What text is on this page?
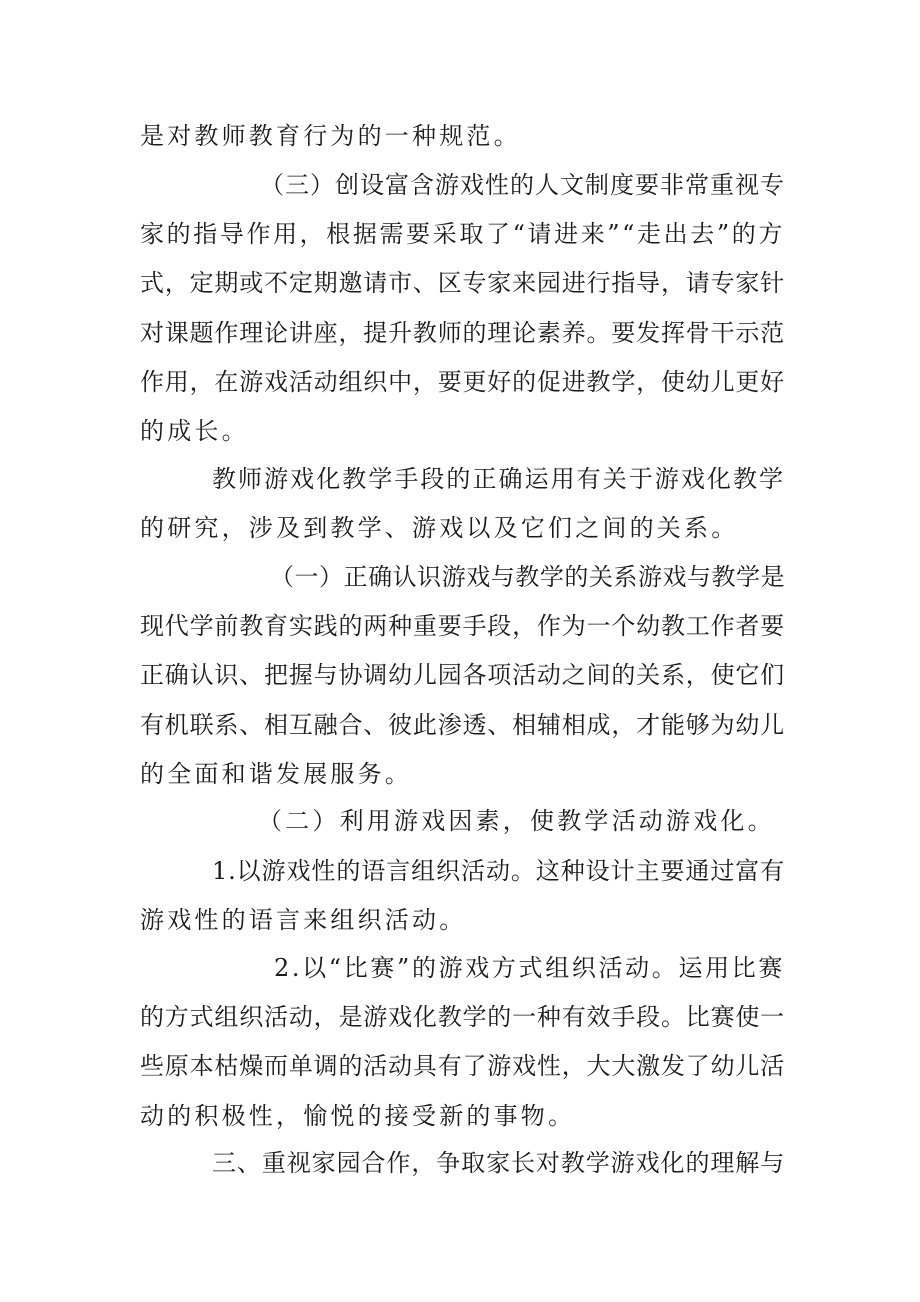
是对教师教育行为的一种规范。
（三）创设富含游戏性的人文制度要非常重视专
家的指导作用，根据需要采取了“请进来”“走出去”的方
式，定期或不定期邀请市、区专家来园进行指导，请专家针
对课题作理论讲座，提升教师的理论素养。要发挥骨干示范
作用，在游戏活动组织中，要更好的促进教学，使幼儿更好
的成长。
教师游戏化教学手段的正确运用有关于游戏化教学
的研究，涉及到教学、游戏以及它们之间的关系。
（一）正确认识游戏与教学的关系游戏与教学是
现代学前教育实践的两种重要手段，作为一个幼教工作者要
正确认识、把握与协调幼儿园各项活动之间的关系，使它们
有机联系、相互融合、彼此渗透、相辅相成，才能够为幼儿
的全面和谐发展服务。
（二）利用游戏因素，使教学活动游戏化。
1.以游戏性的语言组织活动。这种设计主要通过富有
游戏性的语言来组织活动。
2.以“比赛”的游戏方式组织活动。运用比赛
的方式组织活动，是游戏化教学的一种有效手段。比赛使一
些原本枯燥而单调的活动具有了游戏性，大大激发了幼儿活
动的积极性，愉悦的接受新的事物。
三、重视家园合作，争取家长对教学游戏化的理解与
